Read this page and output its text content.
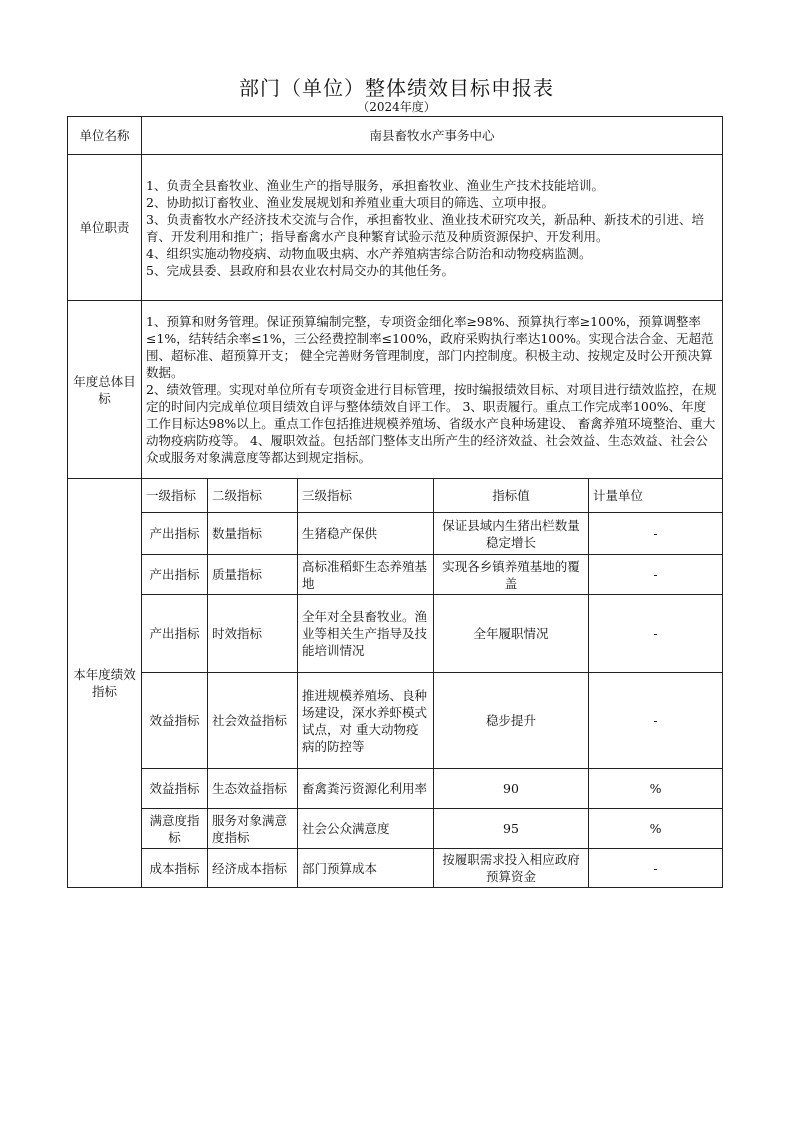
部门（单位）整体绩效目标申报表
（2024年度）
单位名称	南县畜牧水产事务中心				
单位职责	1、负责全县畜牧业、渔业生产的指导服务，承担畜牧业、渔业生产技术技能培训。
2、协助拟订畜牧业、渔业发展规划和养殖业重大项目的筛选、立项申报。
3、负责畜牧水产经济技术交流与合作，承担畜牧业、渔业技术研究攻关，新品种、新技术的引进、培育、开发利用和推广；指导畜禽水产良种繁育试验示范及种质资源保护、开发利用。
4、组织实施动物疫病、动物血吸虫病、水产养殖病害综合防治和动物疫病监测。
5、完成县委、县政府和县农业农村局交办的其他任务。				

年度总体目标	1、预算和财务管理。保证预算编制完整，专项资金细化率≥98%、预算执行率≥100%，预算调整率≤1%，结转结余率≤1%，三公经费控制率≤100%，政府采购执行率达100%。实现合法合金、无超范围、超标准、超预算开支； 健全完善财务管理制度，部门内控制度。积极主动、按规定及时公开预决算数据。
2、绩效管理。实现对单位所有专项资金进行目标管理，按时编报绩效目标、对项目进行绩效监控，在规定的时间内完成单位项目绩效自评与整体绩效自评工作。 3、职责履行。重点工作完成率100%、年度工作目标达98%以上。重点工作包括推进规模养殖场、省级水产良种场建设、 畜禽养殖环境整治、重大动物疫病防疫等。 4、履职效益。包括部门整体支出所产生的经济效益、社会效益、生态效益、社会公众或服务对象满意度等都达到规定指标。				
本年度绩效指标	一级指标	二级指标	三级指标	指标值	计量单位
	产出指标	数量指标	生猪稳产保供	保证县域内生猪出栏数量稳定增长	-
	产出指标	质量指标	高标准稻虾生态养殖基地	实现各乡镇养殖基地的覆盖	-
	产出指标	时效指标	全年对全县畜牧业。渔业等相关生产指导及技能培训情况	全年履职情况	-
	效益指标	社会效益指标	推进规模养殖场、良种场建设，深水养虾模式试点，对 重大动物疫病的防控等	稳步提升	-
	效益指标	生态效益指标	畜禽粪污资源化利用率	90	%
	满意度指标	服务对象满意度指标	社会公众满意度	95	%
	成本指标	经济成本指标	部门预算成本	按履职需求投入相应政府预算资金	-
